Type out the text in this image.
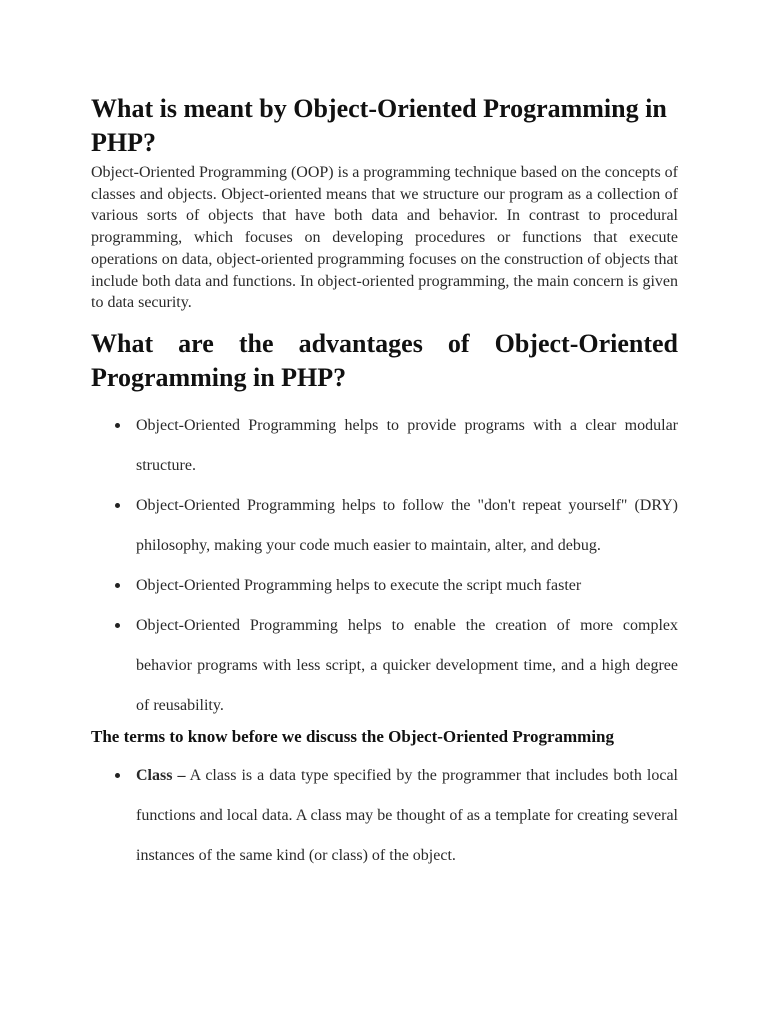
What is meant by Object-Oriented Programming in PHP?

Object-Oriented Programming (OOP) is a programming technique based on the concepts of classes and objects. Object-oriented means that we structure our program as a collection of various sorts of objects that have both data and behavior. In contrast to procedural programming, which focuses on developing procedures or functions that execute operations on data, object-oriented programming focuses on the construction of objects that include both data and functions. In object-oriented programming, the main concern is given to data security.

What are the advantages of Object-Oriented Programming in PHP?
Object-Oriented Programming helps to provide programs with a clear modular structure.
Object-Oriented Programming helps to follow the "don't repeat yourself" (DRY) philosophy, making your code much easier to maintain, alter, and debug.
Object-Oriented Programming helps to execute the script much faster
Object-Oriented Programming helps to enable the creation of more complex behavior programs with less script, a quicker development time, and a high degree of reusability.

The terms to know before we discuss the Object-Oriented Programming

Class – A class is a data type specified by the programmer that includes both local functions and local data. A class may be thought of as a template for creating several instances of the same kind (or class) of the object.
